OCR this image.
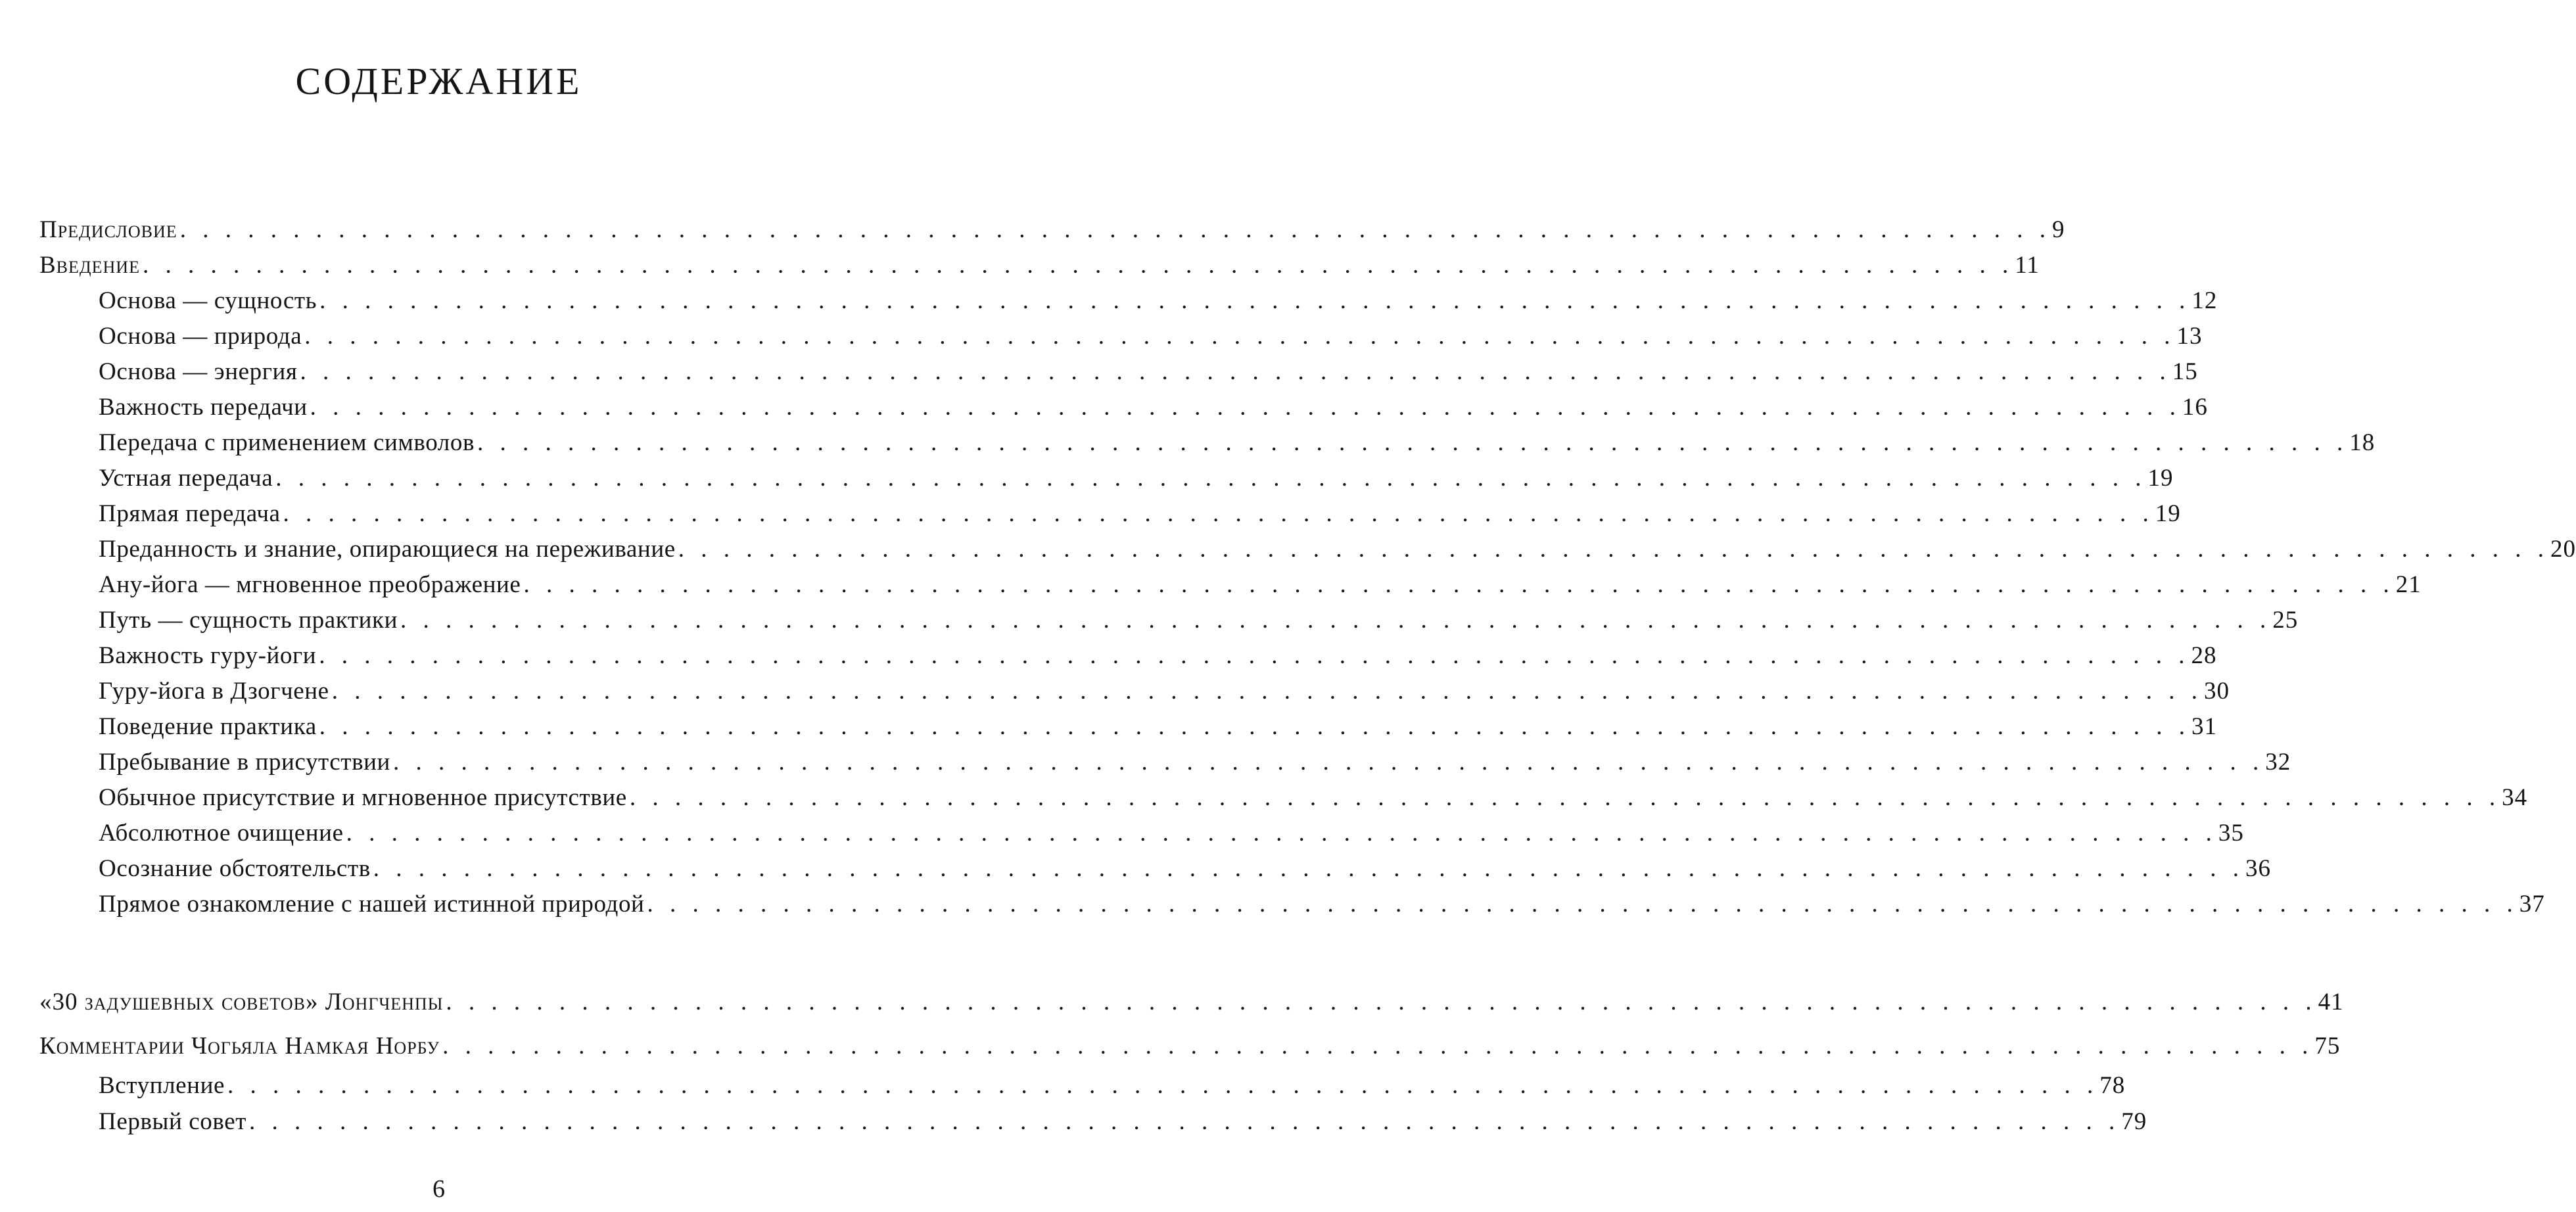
СОДЕРЖАНИЕ
Предисловие . . . . . . . . . . . . . . . . . . . . . . . . . . . . . . . . . . . . . . . . . . . . . . . . . . . . . . . . . . . . . . . . . . . . . . . . . . . . . . . . . . . 9
Введение . . . . . . . . . . . . . . . . . . . . . . . . . . . . . . . . . . . . . . . . . . . . . . . . . . . . . . . . . . . . . . . . . . . . . . . . . . . . . . . . . . . 11
Основа — сущность . . . . . . . . . . . . . . . . . . . . . . . . . . . . . . . . . . . . . . . . . . . . . . . . . . . . . . . . . . . . . . . . . . . . . . . . . . . . . . . . . . . 12
Основа — природа . . . . . . . . . . . . . . . . . . . . . . . . . . . . . . . . . . . . . . . . . . . . . . . . . . . . . . . . . . . . . . . . . . . . . . . . . . . . . . . . . . . 13
Основа — энергия . . . . . . . . . . . . . . . . . . . . . . . . . . . . . . . . . . . . . . . . . . . . . . . . . . . . . . . . . . . . . . . . . . . . . . . . . . . . . . . . . . . 15
Важность передачи . . . . . . . . . . . . . . . . . . . . . . . . . . . . . . . . . . . . . . . . . . . . . . . . . . . . . . . . . . . . . . . . . . . . . . . . . . . . . . . . . . . 16
Передача с применением символов . . . . . . . . . . . . . . . . . . . . . . . . . . . . . . . . . . . . . . . . . . . . . . . . . . . . . . . . . . . . . . . . . . . . . . . . . . . . . . . . . . . 18
Устная передача . . . . . . . . . . . . . . . . . . . . . . . . . . . . . . . . . . . . . . . . . . . . . . . . . . . . . . . . . . . . . . . . . . . . . . . . . . . . . . . . . . . 19
Прямая передача . . . . . . . . . . . . . . . . . . . . . . . . . . . . . . . . . . . . . . . . . . . . . . . . . . . . . . . . . . . . . . . . . . . . . . . . . . . . . . . . . . . 19
Преданность и знание, опирающиеся на переживание . . . . . . . . . . . . . . . . . . . . . . . . . . . . . . . . . . . . . . . . . . . . . . . . . . . . . . . . . . . . . . . . . . . . . . . . . . . . . . . . . . . 20
Ану-йога — мгновенное преображение . . . . . . . . . . . . . . . . . . . . . . . . . . . . . . . . . . . . . . . . . . . . . . . . . . . . . . . . . . . . . . . . . . . . . . . . . . . . . . . . . . . 21
Путь — сущность практики . . . . . . . . . . . . . . . . . . . . . . . . . . . . . . . . . . . . . . . . . . . . . . . . . . . . . . . . . . . . . . . . . . . . . . . . . . . . . . . . . . . 25
Важность гуру-йоги . . . . . . . . . . . . . . . . . . . . . . . . . . . . . . . . . . . . . . . . . . . . . . . . . . . . . . . . . . . . . . . . . . . . . . . . . . . . . . . . . . . 28
Гуру-йога в Дзогчене . . . . . . . . . . . . . . . . . . . . . . . . . . . . . . . . . . . . . . . . . . . . . . . . . . . . . . . . . . . . . . . . . . . . . . . . . . . . . . . . . . . 30
Поведение практика . . . . . . . . . . . . . . . . . . . . . . . . . . . . . . . . . . . . . . . . . . . . . . . . . . . . . . . . . . . . . . . . . . . . . . . . . . . . . . . . . . . 31
Пребывание в присутствии . . . . . . . . . . . . . . . . . . . . . . . . . . . . . . . . . . . . . . . . . . . . . . . . . . . . . . . . . . . . . . . . . . . . . . . . . . . . . . . . . . . 32
Обычное присутствие и мгновенное присутствие . . . . . . . . . . . . . . . . . . . . . . . . . . . . . . . . . . . . . . . . . . . . . . . . . . . . . . . . . . . . . . . . . . . . . . . . . . . . . . . . . . . 34
Абсолютное очищение . . . . . . . . . . . . . . . . . . . . . . . . . . . . . . . . . . . . . . . . . . . . . . . . . . . . . . . . . . . . . . . . . . . . . . . . . . . . . . . . . . . 35
Осознание обстоятельств . . . . . . . . . . . . . . . . . . . . . . . . . . . . . . . . . . . . . . . . . . . . . . . . . . . . . . . . . . . . . . . . . . . . . . . . . . . . . . . . . . . 36
Прямое ознакомление с нашей истинной природой . . . . . . . . . . . . . . . . . . . . . . . . . . . . . . . . . . . . . . . . . . . . . . . . . . . . . . . . . . . . . . . . . . . . . . . . . . . . . . . . . . . 37
«30 задушевных советов» Лонгченпы . . . . . . . . . . . . . . . . . . . . . . . . . . . . . . . . . . . . . . . . . . . . . . . . . . . . . . . . . . . . . . . . . . . . . . . . . . . . . . . . . . . 41
Комментарии Чогьяла Намкая Норбу . . . . . . . . . . . . . . . . . . . . . . . . . . . . . . . . . . . . . . . . . . . . . . . . . . . . . . . . . . . . . . . . . . . . . . . . . . . . . . . . . . . 75
Вступление . . . . . . . . . . . . . . . . . . . . . . . . . . . . . . . . . . . . . . . . . . . . . . . . . . . . . . . . . . . . . . . . . . . . . . . . . . . . . . . . . . . 78
Первый совет . . . . . . . . . . . . . . . . . . . . . . . . . . . . . . . . . . . . . . . . . . . . . . . . . . . . . . . . . . . . . . . . . . . . . . . . . . . . . . . . . . . 79
6
